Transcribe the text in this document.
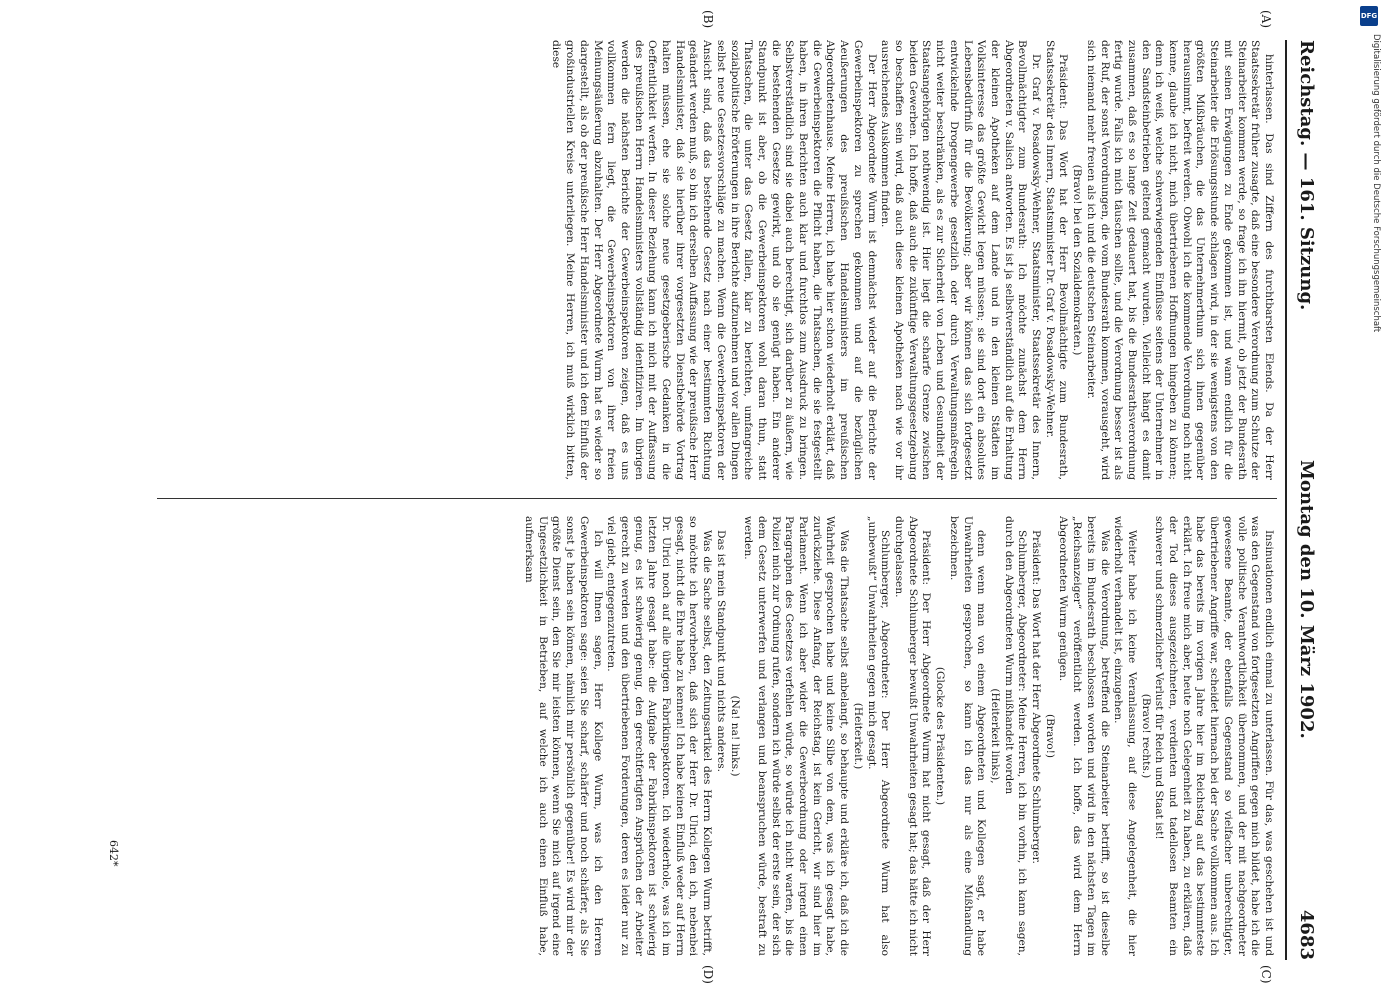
Reichstag. — 161. Sitzung.
Montag den 10. März 1902.
4683
(A)
(B)
(C)
(D)

hinterlassen. Das sind Ziffern des furchtbarsten Elends. Da der Herr Staatssekretär früher zusagte, daß eine besondere Verordnung zum Schutze der Steinarbeiter kommen werde, so frage ich ihn hiermit, ob jetzt der Bundesrath mit seinen Erwägungen zu Ende gekommen ist, und wann endlich für die Steinarbeiter die Erlösungsstunde schlagen wird, in der sie wenigstens von den größten Mißbräuchen, die das Unternehmerthum sich ihnen gegenüber herausnimmt, befreit werden. Obwohl ich die kommende Verordnung noch nicht kenne, glaube ich nicht, mich übertriebenen Hoffnungen hingeben zu können; denn ich weiß, welche schwerwiegenden Einflüsse seitens der Unternehmer in den Sandsteinbetrieben geltend gemacht wurden. Vielleicht hängt es damit zusammen, daß es so lange Zeit gedauert hat, bis die Bundesrathsverordnung fertig wurde. Falls ich mich täuschen sollte, und die Verordnung besser ist als der Ruf, der sonst Verordnungen, die vom Bundesrath kommen, vorausgeht, wird sich niemand mehr freuen als ich und die deutschen Steinarbeiter.

(Bravo! bei den Sozialdemokraten.)

Präsident: Das Wort hat der Herr Bevollmächtigte zum Bundesrath, Staatssekretär des Innern, Staatsminister Dr. Graf v. Posadowsky-Wehner.

Dr. Graf v. Posadowsky-Wehner, Staatsminister, Staatssekretär des Innern, Bevollmächtigter zum Bundesrath: Ich möchte zunächst dem Herrn Abgeordneten v. Salisch antworten. Es ist ja selbstverständlich auf die Erhaltung der kleinen Apotheken auf dem Lande und in den kleinen Städten im Volksinteresse das größte Gewicht legen müssen; sie sind dort ein absolutes Lebensbedürfniß für die Bevölkerung; aber wir können das sich fortgesetzt entwickelnde Drogengewerbe gesetzlich oder durch Verwaltungsmaßregeln nicht weiter beschränken, als es zur Sicherheit von Leben und Gesundheit der Staatsangehörigen nothwendig ist. Hier liegt die scharfe Grenze zwischen beiden Gewerben. Ich hoffe, daß auch die zukünftige Verwaltungsgesetzgebung so beschaffen sein wird, daß auch diese kleinen Apotheken nach wie vor ihr ausreichendes Auskommen finden.

Der Herr Abgeordnete Wurm ist demnächst wieder auf die Berichte der Gewerbeinspektoren zu sprechen gekommen und auf die bezüglichen Aeußerungen des preußischen Handelsministers im preußischen Abgeordnetenhause. Meine Herren, ich habe hier schon wiederholt erklärt, daß die Gewerbeinspektoren die Pflicht haben, die Thatsachen, die sie festgestellt haben, in ihren Berichten auch klar und furchtlos zum Ausdruck zu bringen. Selbstverständlich sind sie dabei auch berechtigt, sich darüber zu äußern, wie die bestehenden Gesetze gewirkt, und ob sie genügt haben. Ein anderer Standpunkt ist aber, ob die Gewerbeinspektoren wohl daran thun, statt Thatsachen, die unter das Gesetz fallen, klar zu berichten, umfangreiche sozialpolitische Erörterungen in ihre Berichte aufzunehmen und vor allen Dingen selbst neue Gesetzesvorschläge zu machen. Wenn die Gewerbeinspektoren der Ansicht sind, daß das bestehende Gesetz nach einer bestimmten Richtung geändert werden muß, so bin ich derselben Auffassung wie der preußische Herr Handelsminister, daß sie hierüber ihrer vorgesetzten Dienstbehörde Vortrag halten müssen, ehe sie solche neue gesetzgeberische Gedanken in die Oeffentlichkeit werfen. In dieser Beziehung kann ich mich mit der Auffassung des preußischen Herrn Handelsministers vollständig identifiziren. Im übrigen werden die nächsten Berichte der Gewerbeinspektoren zeigen, daß es uns vollkommen fern liegt, die Gewerbeinspektoren von ihrer freien Meinungsäußerung abzuhalten. Der Herr Abgeordnete Wurm hat es wieder so dargestellt, als ob der preußische Herr Handelsminister und ich dem Einfluß der großindustriellen Kreise unterliegen. Meine Herren, ich muß wirklich bitten, diese

Insinuationen endlich einmal zu unterlassen. Für das, was geschehen ist und was den Gegenstand von fortgesetzten Angriffen gegen mich bildet, habe ich die volle politische Verantwortlichkeit übernommen, und der mit nachgeordneter gewesene Beamte, der ebenfalls Gegenstand so vielfacher unberechtigter, übertriebener Angriffe war, scheidet hiernach bei der Sache vollkommen aus. Ich habe das bereits im vorigen Jahre hier im Reichstag auf das bestimmteste erklärt. Ich freue mich aber, heute noch Gelegenheit zu haben, zu erklären, daß der Tod dieses ausgezeichneten, verdienten und tadellosen Beamten ein schwerer und schmerzlicher Verlust für Reich und Staat ist!

(Bravo! rechts.)

Weiter habe ich keine Veranlassung, auf diese Angelegenheit, die hier wiederholt verhandelt ist, einzugehen.

Was die Verordnung, betreffend die Steinarbeiter betrifft, so ist dieselbe bereits im Bundesrath beschlossen worden und wird in den nächsten Tagen im „Reichsanzeiger“ veröffentlicht werden. Ich hoffe, das wird dem Herrn Abgeordneten Wurm genügen.

(Bravo!)

Präsident: Das Wort hat der Herr Abgeordnete Schlumberger.

Schlumberger, Abgeordneter: Meine Herren, ich bin vorhin, ich kann sagen, durch den Abgeordneten Wurm mißhandelt worden

(Heiterkeit links),

denn wenn man von einem Abgeordneten und Kollegen sagt, er habe Unwahrheiten gesprochen, so kann ich das nur als eine Mißhandlung bezeichnen.

(Glocke des Präsidenten.)

Präsident: Der Herr Abgeordnete Wurm hat nicht gesagt, daß der Herr Abgeordnete Schlumberger bewußt Unwahrheiten gesagt hat; das hätte ich nicht durchgelassen.

Schlumberger, Abgeordneter: Der Herr Abgeordnete Wurm hat also „unbewußt“ Unwahrheiten gegen mich gesagt.

(Heiterkeit.)

Was die Thatsache selbst anbelangt, so behaupte und erkläre ich, daß ich die Wahrheit gesprochen habe und keine Silbe von dem, was ich gesagt habe, zurückziehe. Diese Anfang, der Reichstag, ist kein Gericht, wir sind hier im Parlament. Wenn ich aber wider die Gewerbeordnung oder irgend einen Paragraphen des Gesetzes verfehlen würde, so würde ich nicht warten, bis die Polizei mich zur Ordnung rufen, sondern ich würde selbst der erste sein, der sich dem Gesetz unterwerfen und verlangen und beanspruchen würde, bestraft zu werden.

(Na! na! links.)

Das ist mein Standpunkt und nichts anderes.

Was die Sache selbst, den Zeitungsartikel des Herrn Kollegen Wurm betrifft, so möchte ich hervorheben, daß sich der Herr Dr. Ulrici, den ich, nebenbei gesagt, nicht die Ehre habe zu kennen! Ich habe keinen Einfluß weder auf Herrn Dr. Ulrici noch auf alle übrigen Fabrikinspektoren. Ich wiederhole, was ich im letzten Jahre gesagt habe: die Aufgabe der Fabrikinspektoren ist schwierig genug, es ist schwierig genug, den gerechtfertigten Ansprüchen der Arbeiter gerecht zu werden und den übertriebenen Forderungen, deren es leider nur zu viel giebt, entgegenzutreten.

Ich will Ihnen sagen, Herr Kollege Wurm, was ich den Herren Gewerbeinspektoren sage: seien Sie scharf, schärfer und noch schärfer, als Sie sonst je haben sein können, nämlich mir persönlich gegenüber! Es wird mir der größte Dienst sein, den Sie mir leisten können, wenn Sie mich auf irgend eine Ungesetzlichkeit in Betrieben, auf welche ich auch einen Einfluß habe, aufmerksam

642*
DFG
Digitalisierung gefördert durch die Deutsche Forschungsgemeinschaft
